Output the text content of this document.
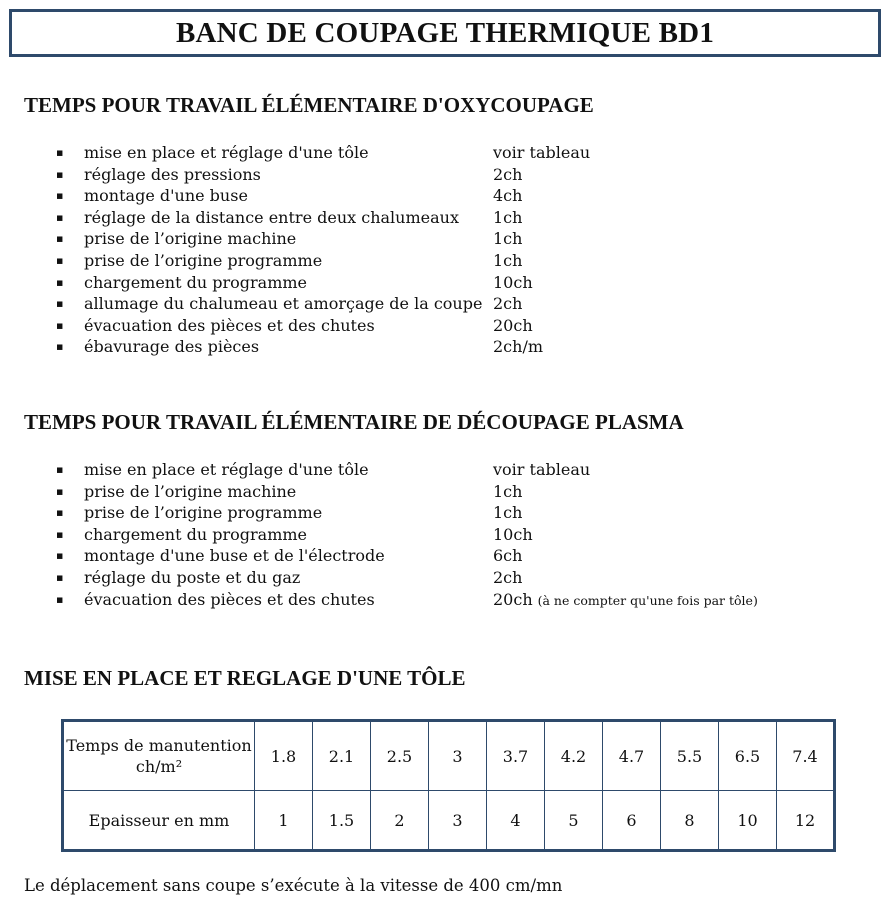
BANC DE COUPAGE THERMIQUE BD1
TEMPS POUR TRAVAIL ÉLÉMENTAIRE D'OXYCOUPAGE
▪ mise en place et réglage d'une tôle	voir tableau
▪ réglage des pressions	2ch
▪ montage d'une buse	4ch
▪ réglage de la distance entre deux chalumeaux 1ch
▪ prise de l’origine machine	1ch
▪ prise de l’origine programme	1ch
▪ chargement du programme	10ch
▪ allumage du chalumeau et amorçage de la coupe 2ch
▪ évacuation des pièces et des chutes	20ch
▪ ébavurage des pièces	2ch/m
TEMPS POUR TRAVAIL ÉLÉMENTAIRE DE DÉCOUPAGE PLASMA
▪ mise en place et réglage d'une tôle	voir tableau
▪ prise de l’origine machine	1ch
▪ prise de l’origine programme	1ch
▪ chargement du programme	10ch
▪ montage d'une buse et de l'électrode	6ch
▪ réglage du poste et du gaz	2ch
▪ évacuation des pièces et des chutes	20ch (à ne compter qu'une fois par tôle)
MISE EN PLACE ET REGLAGE D'UNE TÔLE
Temps de manutention ch/m²	1.8	2.1	2.5	3	3.7	4.2	4.7	5.5	6.5	7.4
Epaisseur en mm	1	1.5	2	3	4	5	6	8	10	12

Le déplacement sans coupe s’exécute à la vitesse de 400 cm/mn
